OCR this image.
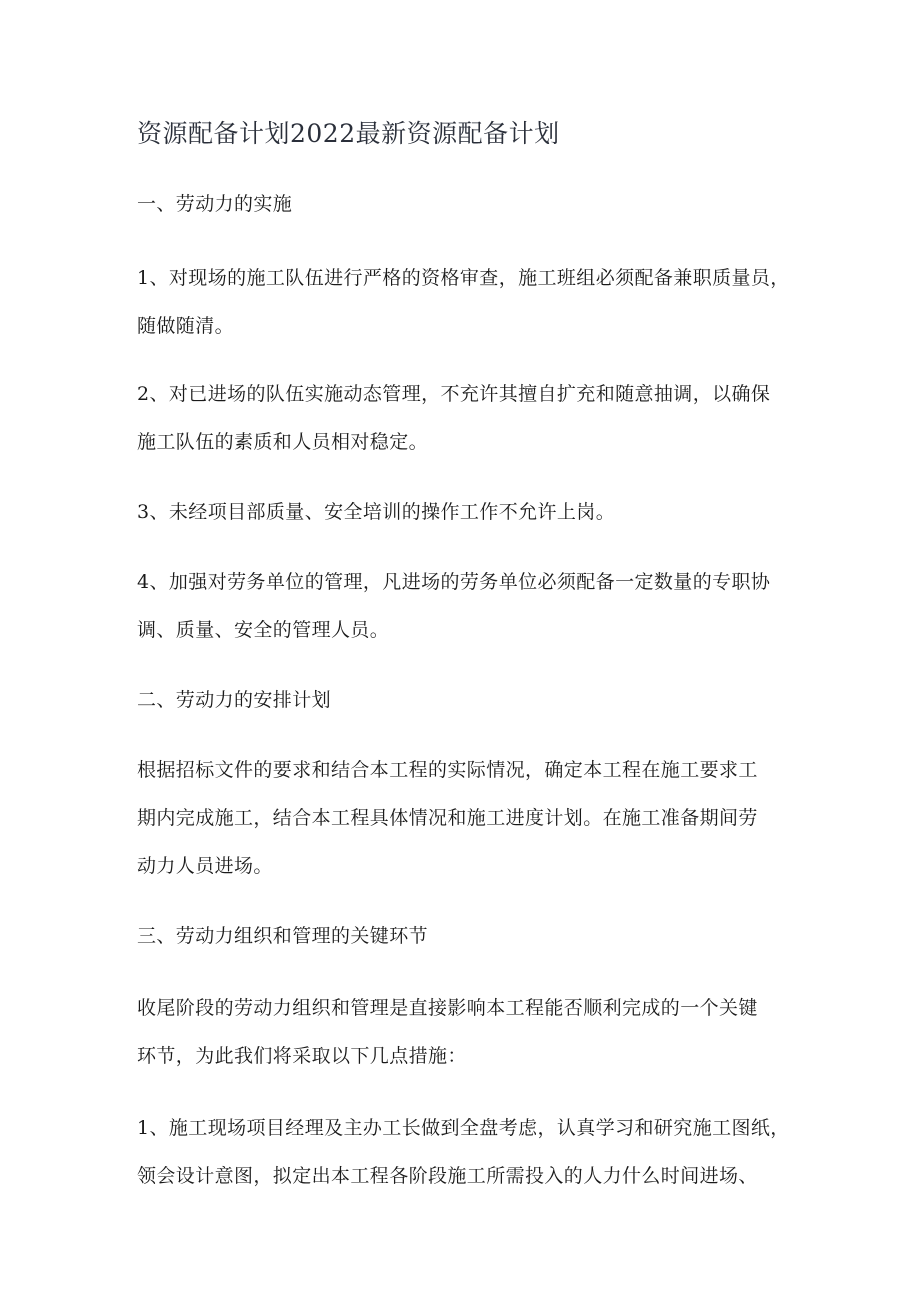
资源配备计划2022最新资源配备计划

一、劳动力的实施

1、对现场的施工队伍进行严格的资格审查，施工班组必须配备兼职质量员，
随做随清。

2、对已进场的队伍实施动态管理，不充许其擅自扩充和随意抽调，以确保
施工队伍的素质和人员相对稳定。

3、未经项目部质量、安全培训的操作工作不允许上岗。

4、加强对劳务单位的管理，凡进场的劳务单位必须配备一定数量的专职协
调、质量、安全的管理人员。

二、劳动力的安排计划

根据招标文件的要求和结合本工程的实际情况，确定本工程在施工要求工
期内完成施工，结合本工程具体情况和施工进度计划。在施工准备期间劳
动力人员进场。

三、劳动力组织和管理的关键环节

收尾阶段的劳动力组织和管理是直接影响本工程能否顺利完成的一个关键
环节，为此我们将采取以下几点措施：

1、施工现场项目经理及主办工长做到全盘考虑，认真学习和研究施工图纸，
领会设计意图，拟定出本工程各阶段施工所需投入的人力什么时间进场、
